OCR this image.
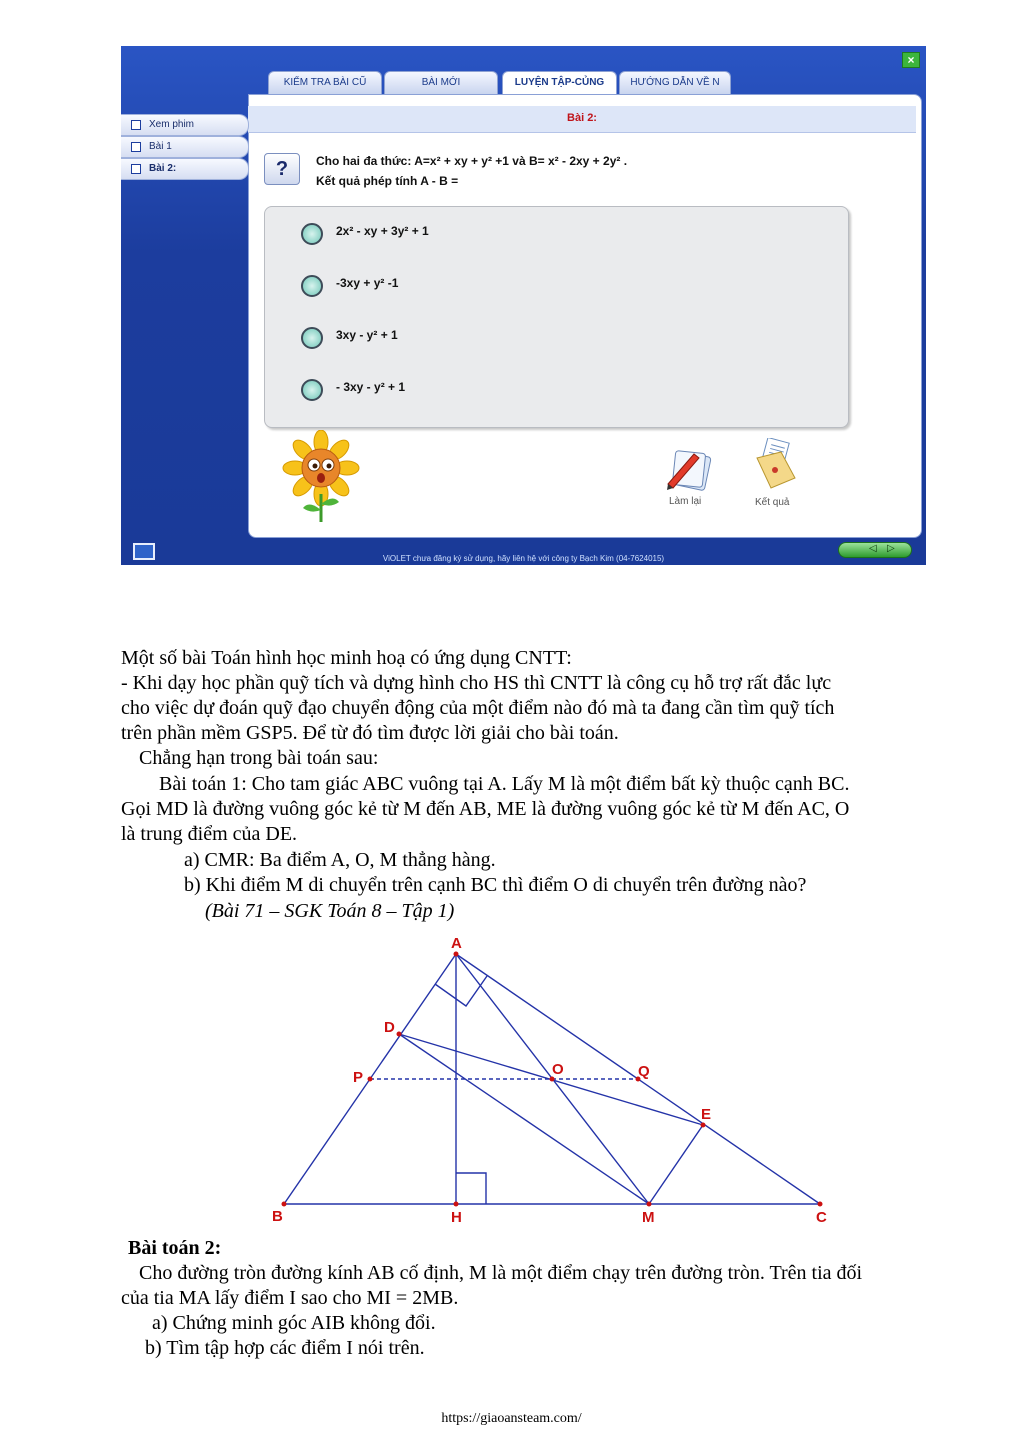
×
KIỂM TRA BÀI CŨ	BÀI MỚI	LUYỆN TẬP-CỦNG	HƯỚNG DẪN VỀ N
Bài 2:
Xem phim
Bài 1
Bài 2:	?	Cho hai đa thức: A=x² + xy + y² +1 và B= x² - 2xy + 2y² .
Kết quả phép tính A - B =
2x² - xy + 3y² + 1
-3xy + y² -1
3xy - y² + 1
- 3xy - y² + 1
Làm lại	Kết quả
ViOLET chưa đăng ký sử dụng, hãy liên hệ với công ty Bạch Kim (04-7624015)
◁ ▷
Một số bài Toán hình học minh hoạ có ứng dụng CNTT:
- Khi dạy học phần quỹ tích và dựng hình cho HS thì CNTT là công cụ hỗ trợ rất đắc lực
cho việc dự đoán quỹ đạo chuyển động của một điểm nào đó mà ta đang cần tìm quỹ tích
trên phần mềm GSP5. Để từ đó tìm được lời giải cho bài toán.
Chẳng hạn trong bài toán sau:
Bài toán 1: Cho tam giác ABC vuông tại A. Lấy M là một điểm bất kỳ thuộc cạnh BC.
Gọi MD là đường vuông góc kẻ từ M đến AB, ME là đường vuông góc kẻ từ M đến AC, O
là trung điểm của DE.
a) CMR: Ba điểm A, O, M thẳng hàng.
b) Khi điểm M di chuyển trên cạnh BC thì điểm O di chuyển trên đường nào?
(Bài 71 – SGK Toán 8 – Tập 1)
A
D
P	O	Q
E
B	H	M	C
Bài toán 2:
Cho đường tròn đường kính AB cố định, M là một điểm chạy trên đường tròn. Trên tia đối
của tia MA lấy điểm I sao cho MI = 2MB.
a) Chứng minh góc AIB không đổi.
b) Tìm tập hợp các điểm I nói trên.
https://giaoansteam.com/
